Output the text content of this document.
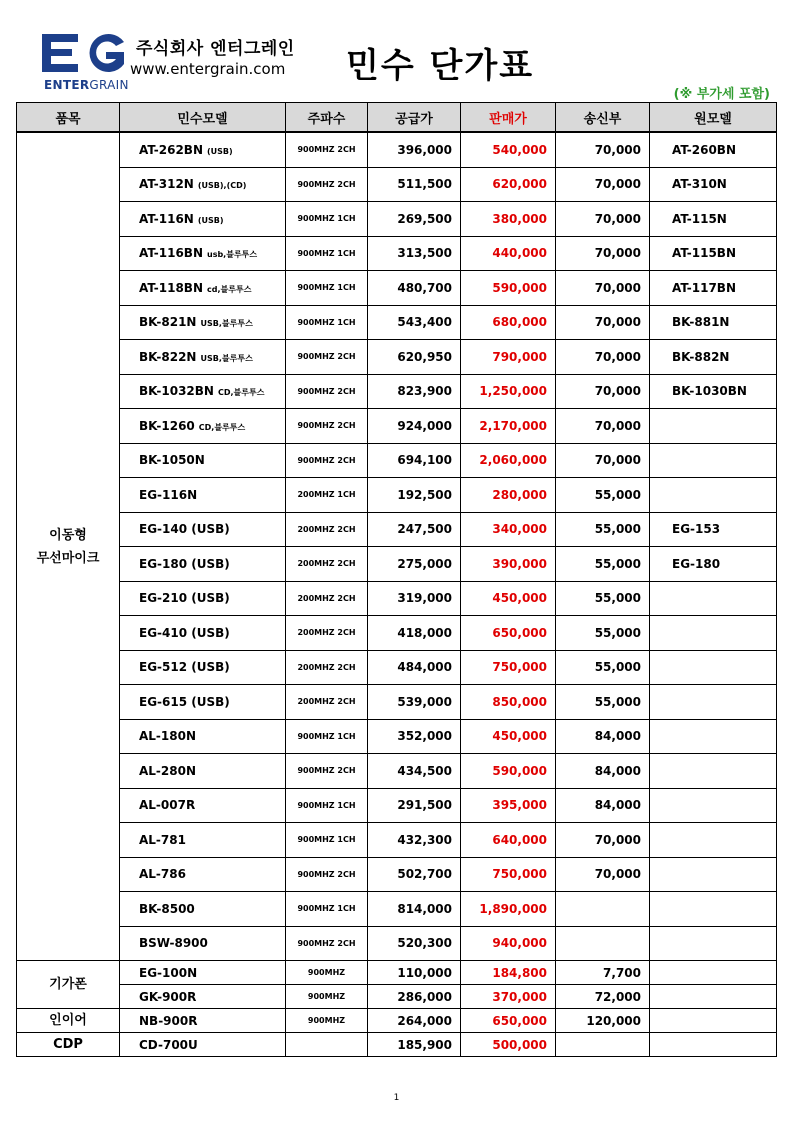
주식회사 엔터그레인
www.entergrain.com
ENTERGRAIN	민수 단가표
(※ 부가세 포함)
품목	민수모델	주파수	공급가	판매가	송신부	원모델
이동형
무선마이크	AT-262BN (USB)	900MHZ 2CH	396,000	540,000	70,000	AT-260BN
	AT-312N (USB),(CD)	900MHZ 2CH	511,500	620,000	70,000	AT-310N
	AT-116N (USB)	900MHZ 1CH	269,500	380,000	70,000	AT-115N
	AT-116BN usb,블루투스	900MHZ 1CH	313,500	440,000	70,000	AT-115BN
	AT-118BN cd,블루투스	900MHZ 1CH	480,700	590,000	70,000	AT-117BN
	BK-821N USB,블루투스	900MHZ 1CH	543,400	680,000	70,000	BK-881N
	BK-822N USB,블루투스	900MHZ 2CH	620,950	790,000	70,000	BK-882N
	BK-1032BN CD,블루투스	900MHZ 2CH	823,900	1,250,000	70,000	BK-1030BN
	BK-1260 CD,블루투스	900MHZ 2CH	924,000	2,170,000	70,000	
	BK-1050N	900MHZ 2CH	694,100	2,060,000	70,000	
	EG-116N	200MHZ 1CH	192,500	280,000	55,000	
	EG-140 (USB)	200MHZ 2CH	247,500	340,000	55,000	EG-153
	EG-180 (USB)	200MHZ 2CH	275,000	390,000	55,000	EG-180
	EG-210 (USB)	200MHZ 2CH	319,000	450,000	55,000	
	EG-410 (USB)	200MHZ 2CH	418,000	650,000	55,000	
	EG-512 (USB)	200MHZ 2CH	484,000	750,000	55,000	
	EG-615 (USB)	200MHZ 2CH	539,000	850,000	55,000	
	AL-180N	900MHZ 1CH	352,000	450,000	84,000	
	AL-280N	900MHZ 2CH	434,500	590,000	84,000	
	AL-007R	900MHZ 1CH	291,500	395,000	84,000	
	AL-781	900MHZ 1CH	432,300	640,000	70,000	
	AL-786	900MHZ 2CH	502,700	750,000	70,000	
	BK-8500	900MHZ 1CH	814,000	1,890,000		
	BSW-8900	900MHZ 2CH	520,300	940,000		
기가폰	EG-100N	900MHZ	110,000	184,800	7,700	
	GK-900R	900MHZ	286,000	370,000	72,000	
인이어	NB-900R	900MHZ	264,000	650,000	120,000	
CDP	CD-700U		185,900	500,000		
1
